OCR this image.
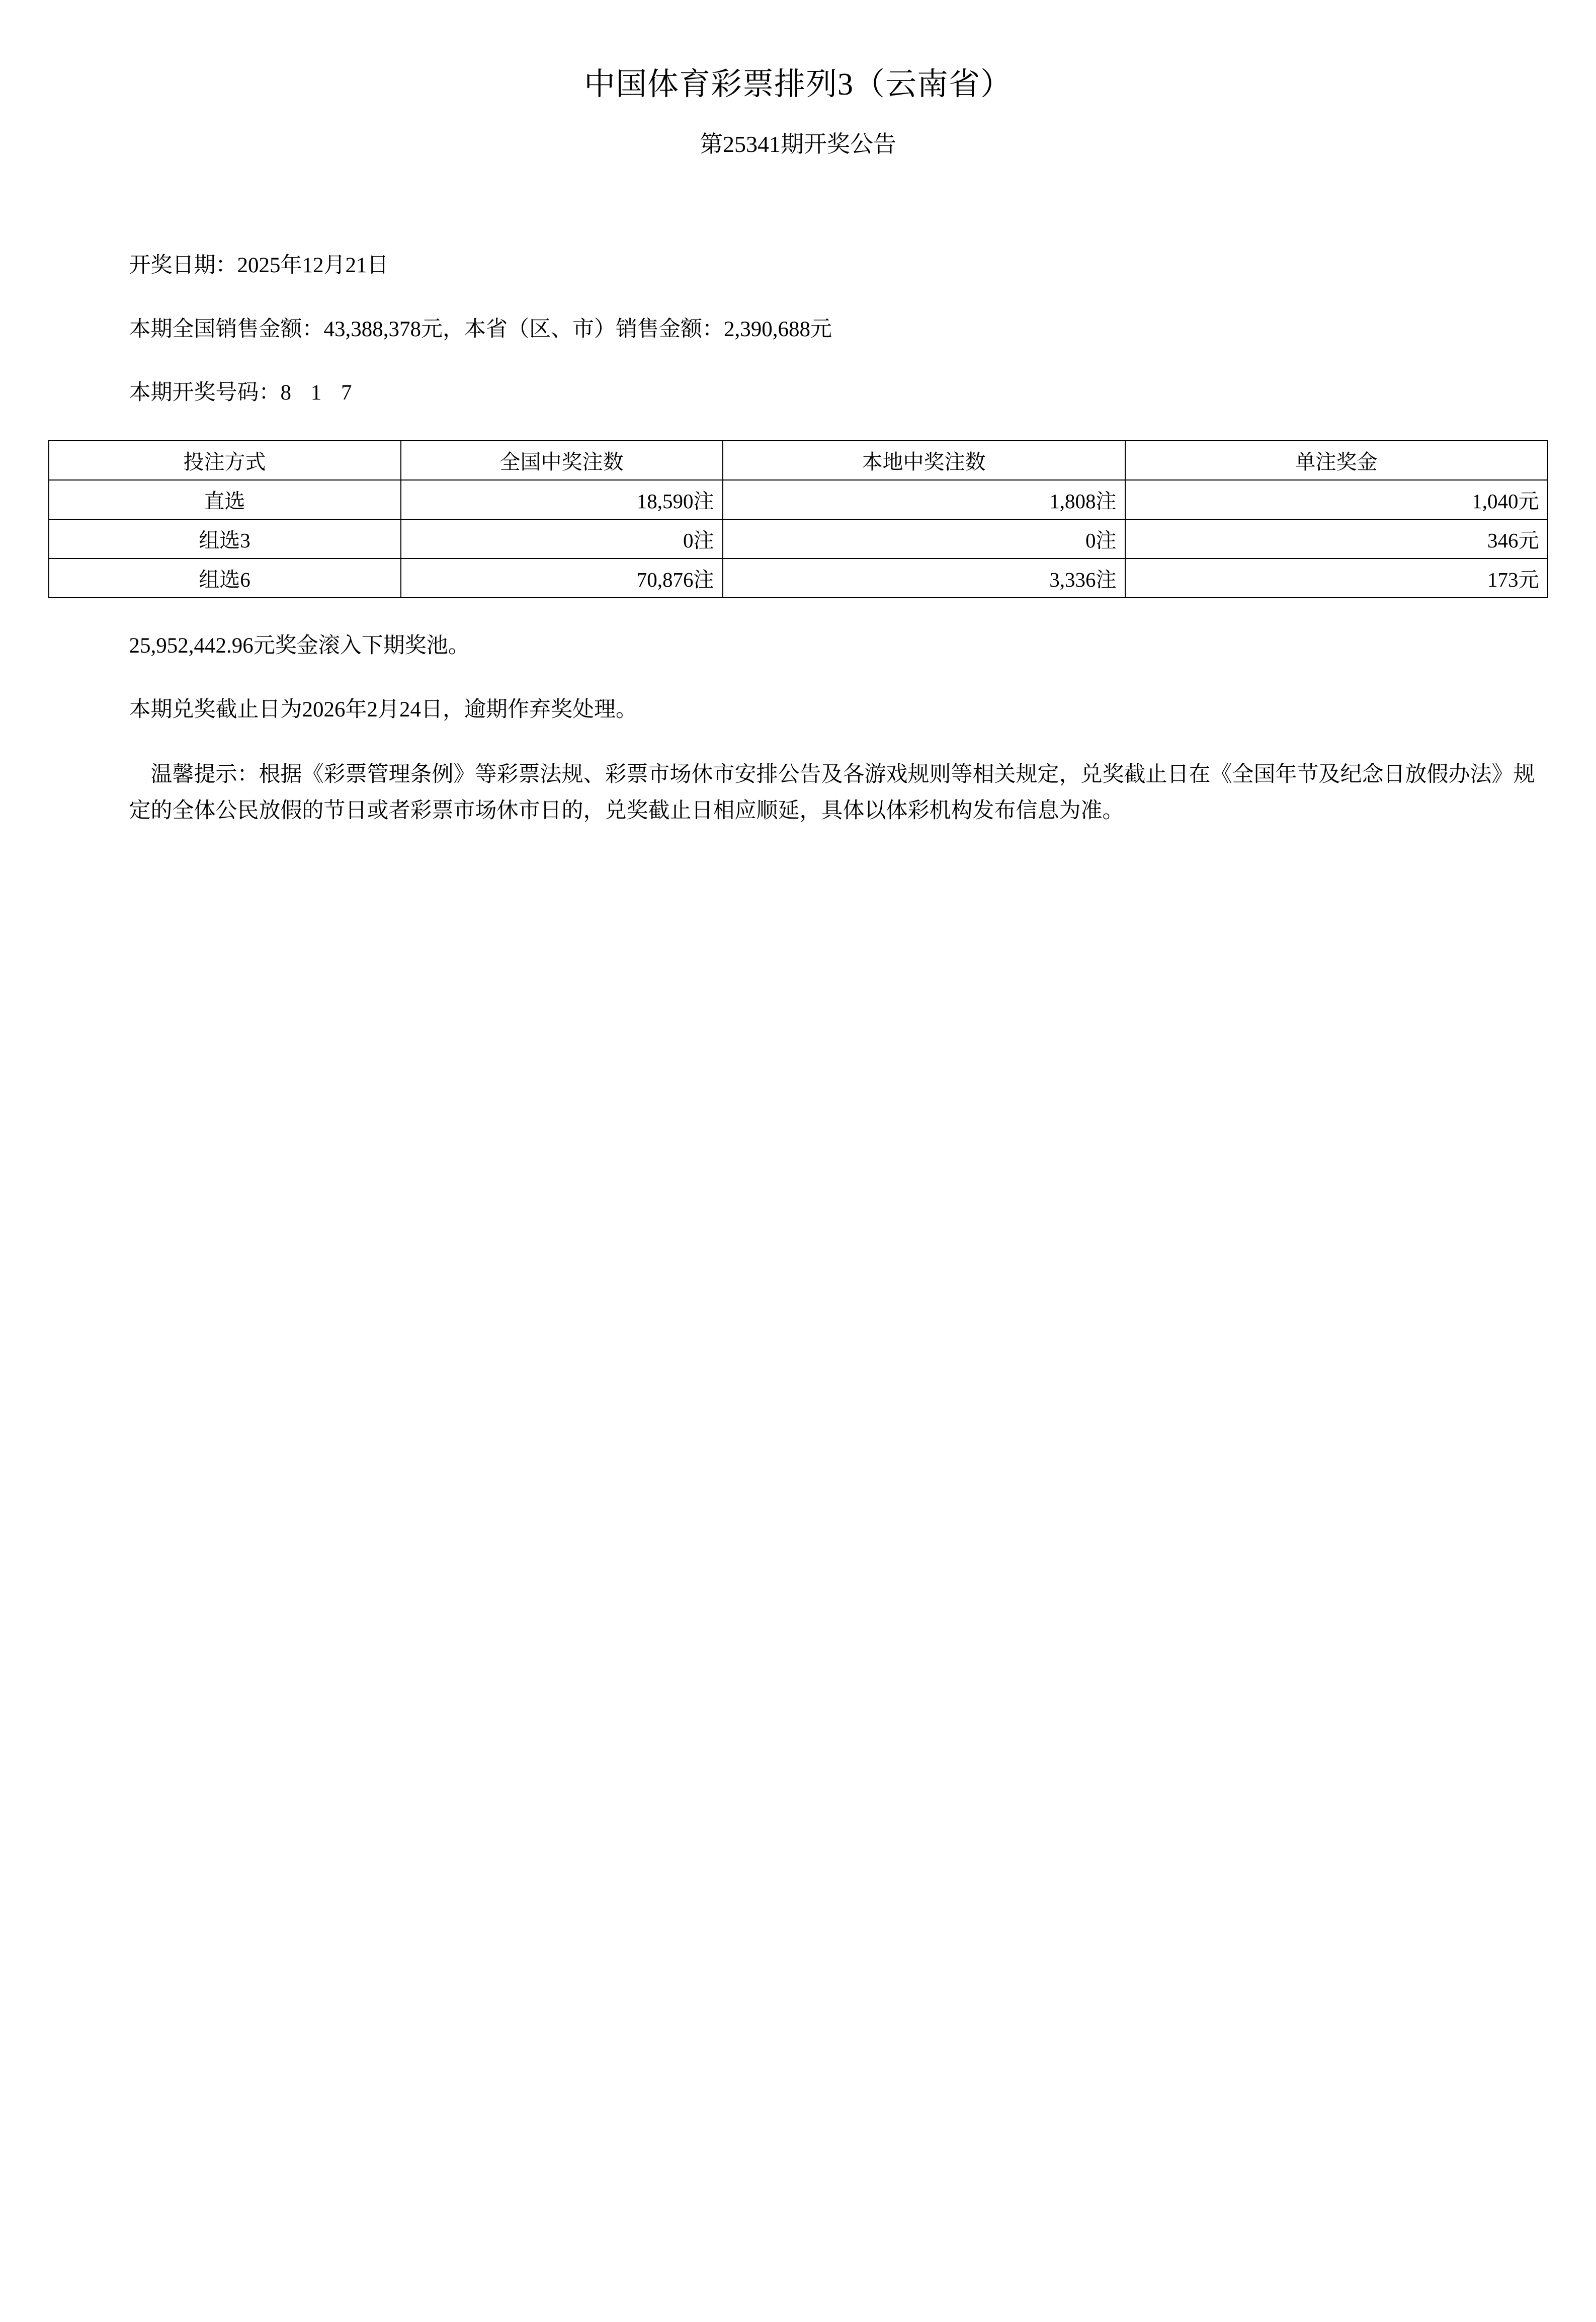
中国体育彩票排列3（云南省）
第25341期开奖公告

开奖日期：2025年12月21日

本期全国销售金额：43,388,378元，本省（区、市）销售金额：2,390,688元

本期开奖号码：8 1 7

投注方式	全国中奖注数	本地中奖注数	单注奖金
直选	18,590注	1,808注	1,040元
组选3	0注	0注	346元
组选6	70,876注	3,336注	173元

25,952,442.96元奖金滚入下期奖池。

本期兑奖截止日为2026年2月24日，逾期作弃奖处理。

温馨提示：根据《彩票管理条例》等彩票法规、彩票市场休市安排公告及各游戏规则等相关规定，兑奖截止日在《全国年节及纪念日放假办法》规定的全体公民放假的节日或者彩票市场休市日的，兑奖截止日相应顺延，具体以体彩机构发布信息为准。
